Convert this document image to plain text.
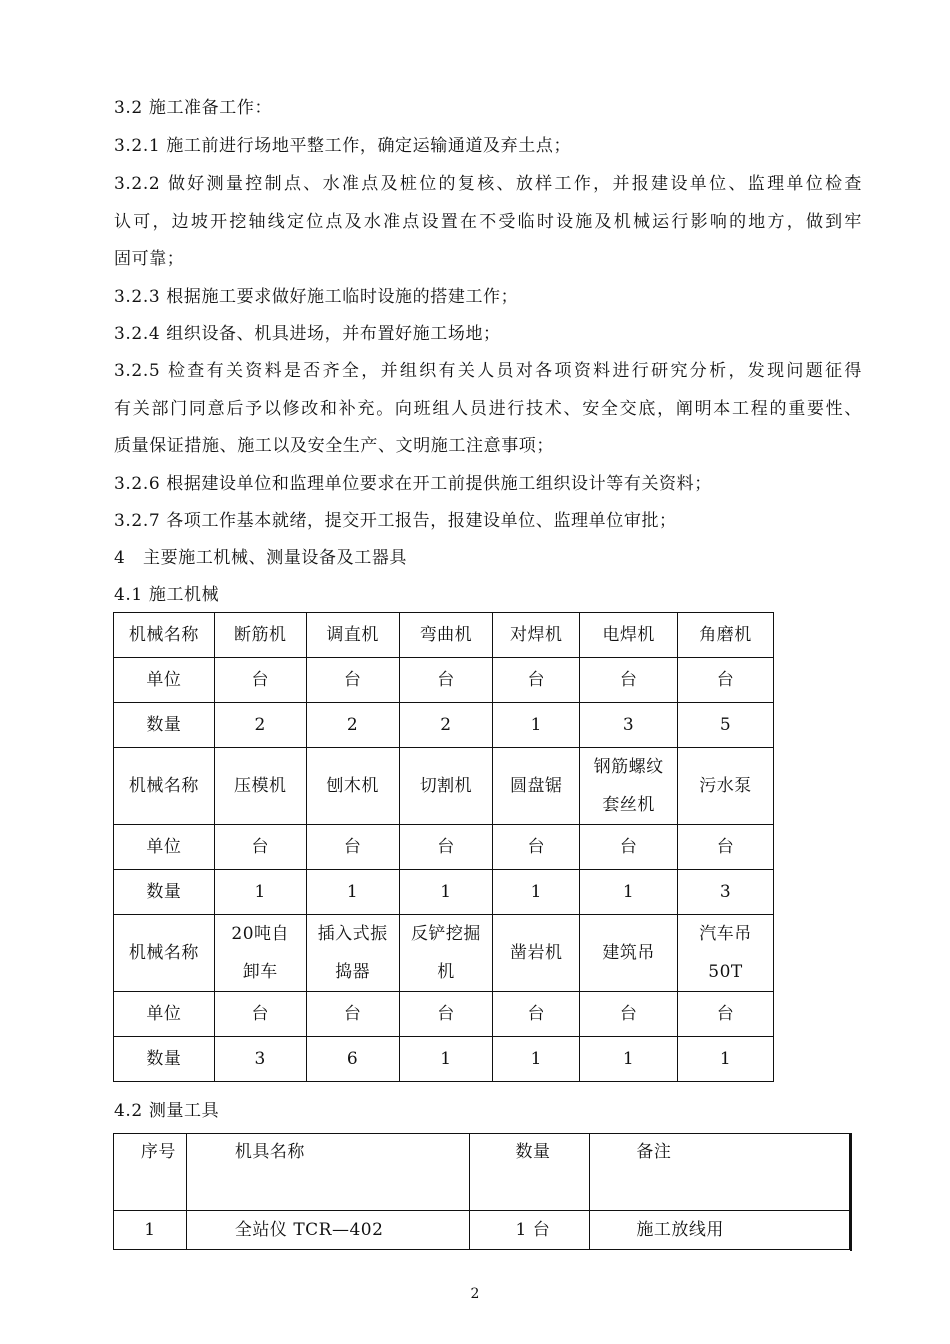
3.2 施工准备工作：
3.2.1 施工前进行场地平整工作，确定运输通道及弃土点；
3.2.2 做好测量控制点、水准点及桩位的复核、放样工作，并报建设单位、监理单位检查
认可，边坡开挖轴线定位点及水准点设置在不受临时设施及机械运行影响的地方，做到牢
固可靠；
3.2.3 根据施工要求做好施工临时设施的搭建工作；
3.2.4 组织设备、机具进场，并布置好施工场地；
3.2.5 检查有关资料是否齐全，并组织有关人员对各项资料进行研究分析，发现问题征得
有关部门同意后予以修改和补充。向班组人员进行技术、安全交底，阐明本工程的重要性、
质量保证措施、施工以及安全生产、文明施工注意事项；
3.2.6 根据建设单位和监理单位要求在开工前提供施工组织设计等有关资料；
3.2.7 各项工作基本就绪，提交开工报告，报建设单位、监理单位审批；
4　主要施工机械、测量设备及工器具
4.1 施工机械
机械名称	断筋机	调直机	弯曲机	对焊机	电焊机	角磨机
单位	台	台	台	台	台	台
数量	2	2	2	1	3	5
机械名称	压模机	刨木机	切割机	圆盘锯	钢筋螺纹套丝机	污水泵
单位	台	台	台	台	台	台
数量	1	1	1	1	1	3
机械名称	20吨自卸车	插入式振捣器	反铲挖掘机	凿岩机	建筑吊	汽车吊50T
单位	台	台	台	台	台	台
数量	3	6	1	1	1	1
4.2 测量工具
序号	机具名称	数量	备注
1	全站仪 TCR—402	1 台	施工放线用
2
